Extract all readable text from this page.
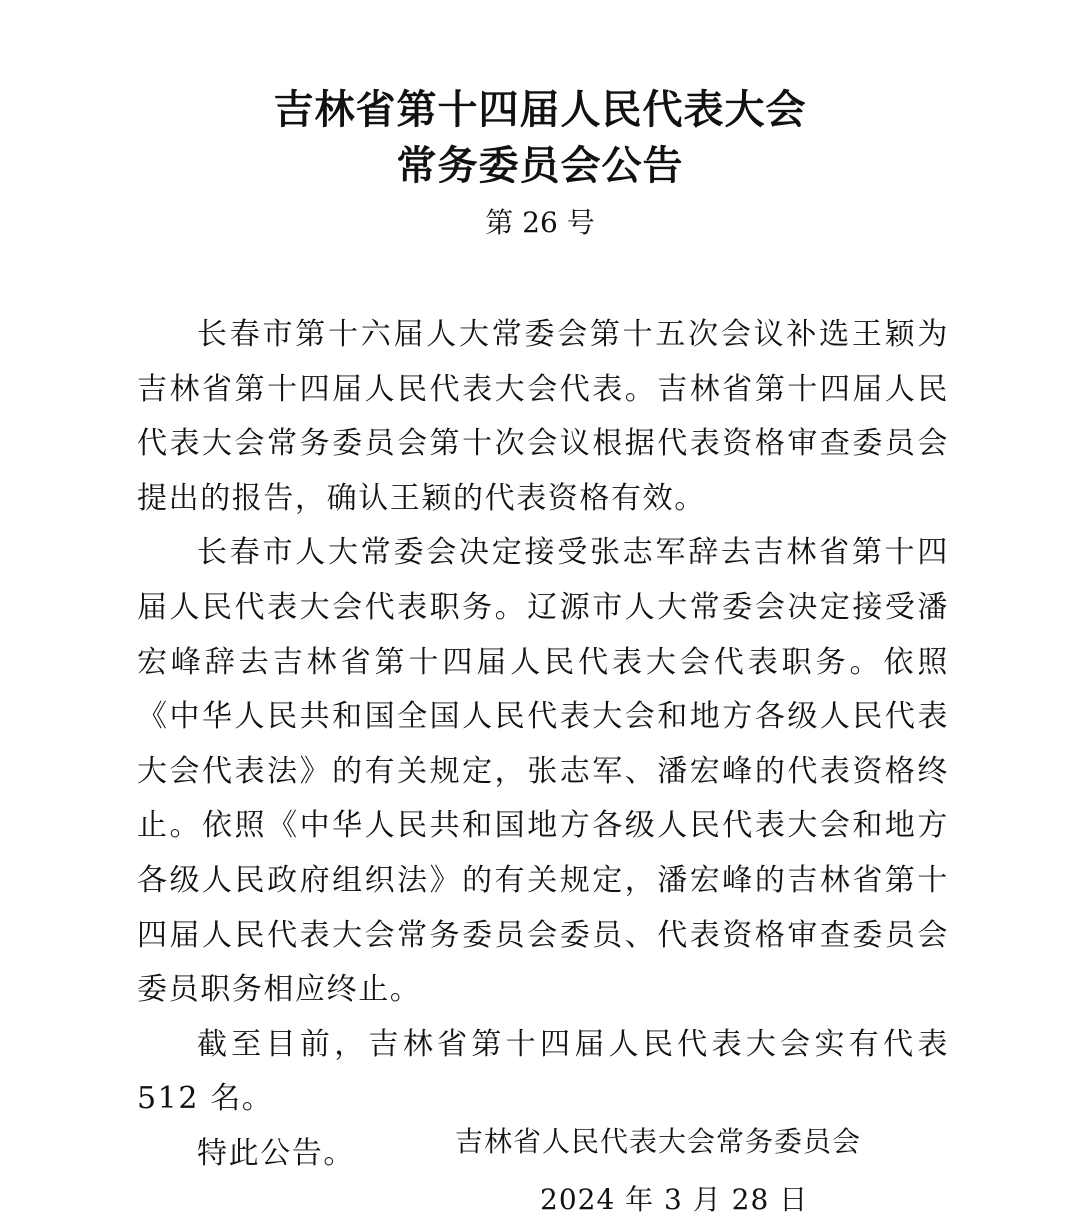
吉林省第十四届人民代表大会
常务委员会公告
第 26 号

长春市第十六届人大常委会第十五次会议补选王颖为吉林省第十四届人民代表大会代表。吉林省第十四届人民代表大会常务委员会第十次会议根据代表资格审查委员会提出的报告，确认王颖的代表资格有效。

长春市人大常委会决定接受张志军辞去吉林省第十四届人民代表大会代表职务。辽源市人大常委会决定接受潘宏峰辞去吉林省第十四届人民代表大会代表职务。依照《中华人民共和国全国人民代表大会和地方各级人民代表大会代表法》的有关规定，张志军、潘宏峰的代表资格终止。依照《中华人民共和国地方各级人民代表大会和地方各级人民政府组织法》的有关规定，潘宏峰的吉林省第十四届人民代表大会常务委员会委员、代表资格审查委员会委员职务相应终止。

截至目前，吉林省第十四届人民代表大会实有代表 512 名。

特此公告。	吉林省人民代表大会常务委员会
2024 年 3 月 28 日
